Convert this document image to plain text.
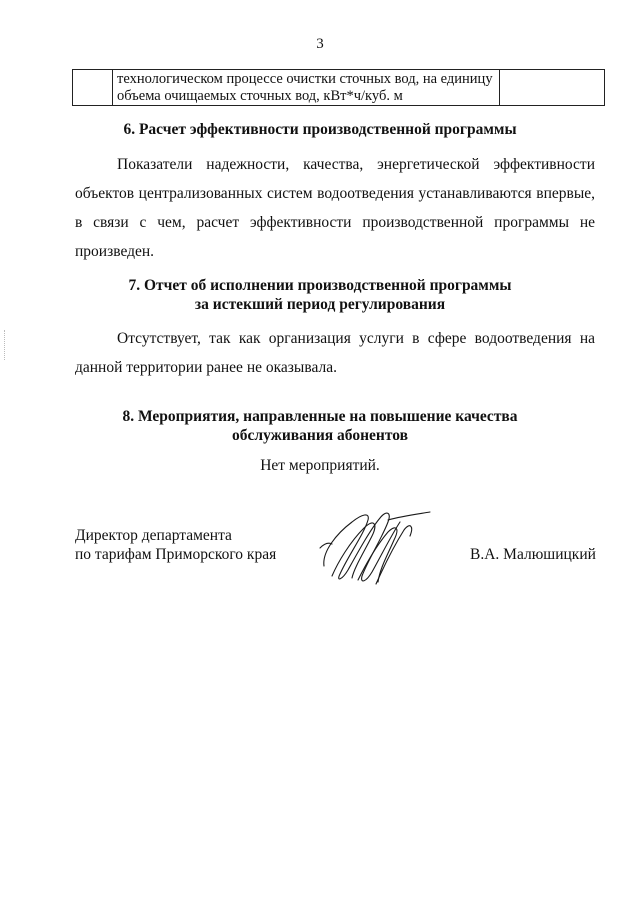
3

технологическом процессе очистки сточных вод, на единицу
объема очищаемых сточных вод, кВт*ч/куб. м

6. Расчет эффективности производственной программы
Показатели надежности, качества, энергетической эффективности объектов централизованных систем водоотведения устанавливаются впервые, в связи с чем, расчет эффективности производственной программы не произведен.
7. Отчет об исполнении производственной программы
за истекший период регулирования
Отсутствует, так как организация услуги в сфере водоотведения на данной территории ранее не оказывала.
8. Мероприятия, направленные на повышение качества
обслуживания абонентов
Нет мероприятий.
Директор департамента
по тарифам Приморского края	В.А. Малюшицкий
